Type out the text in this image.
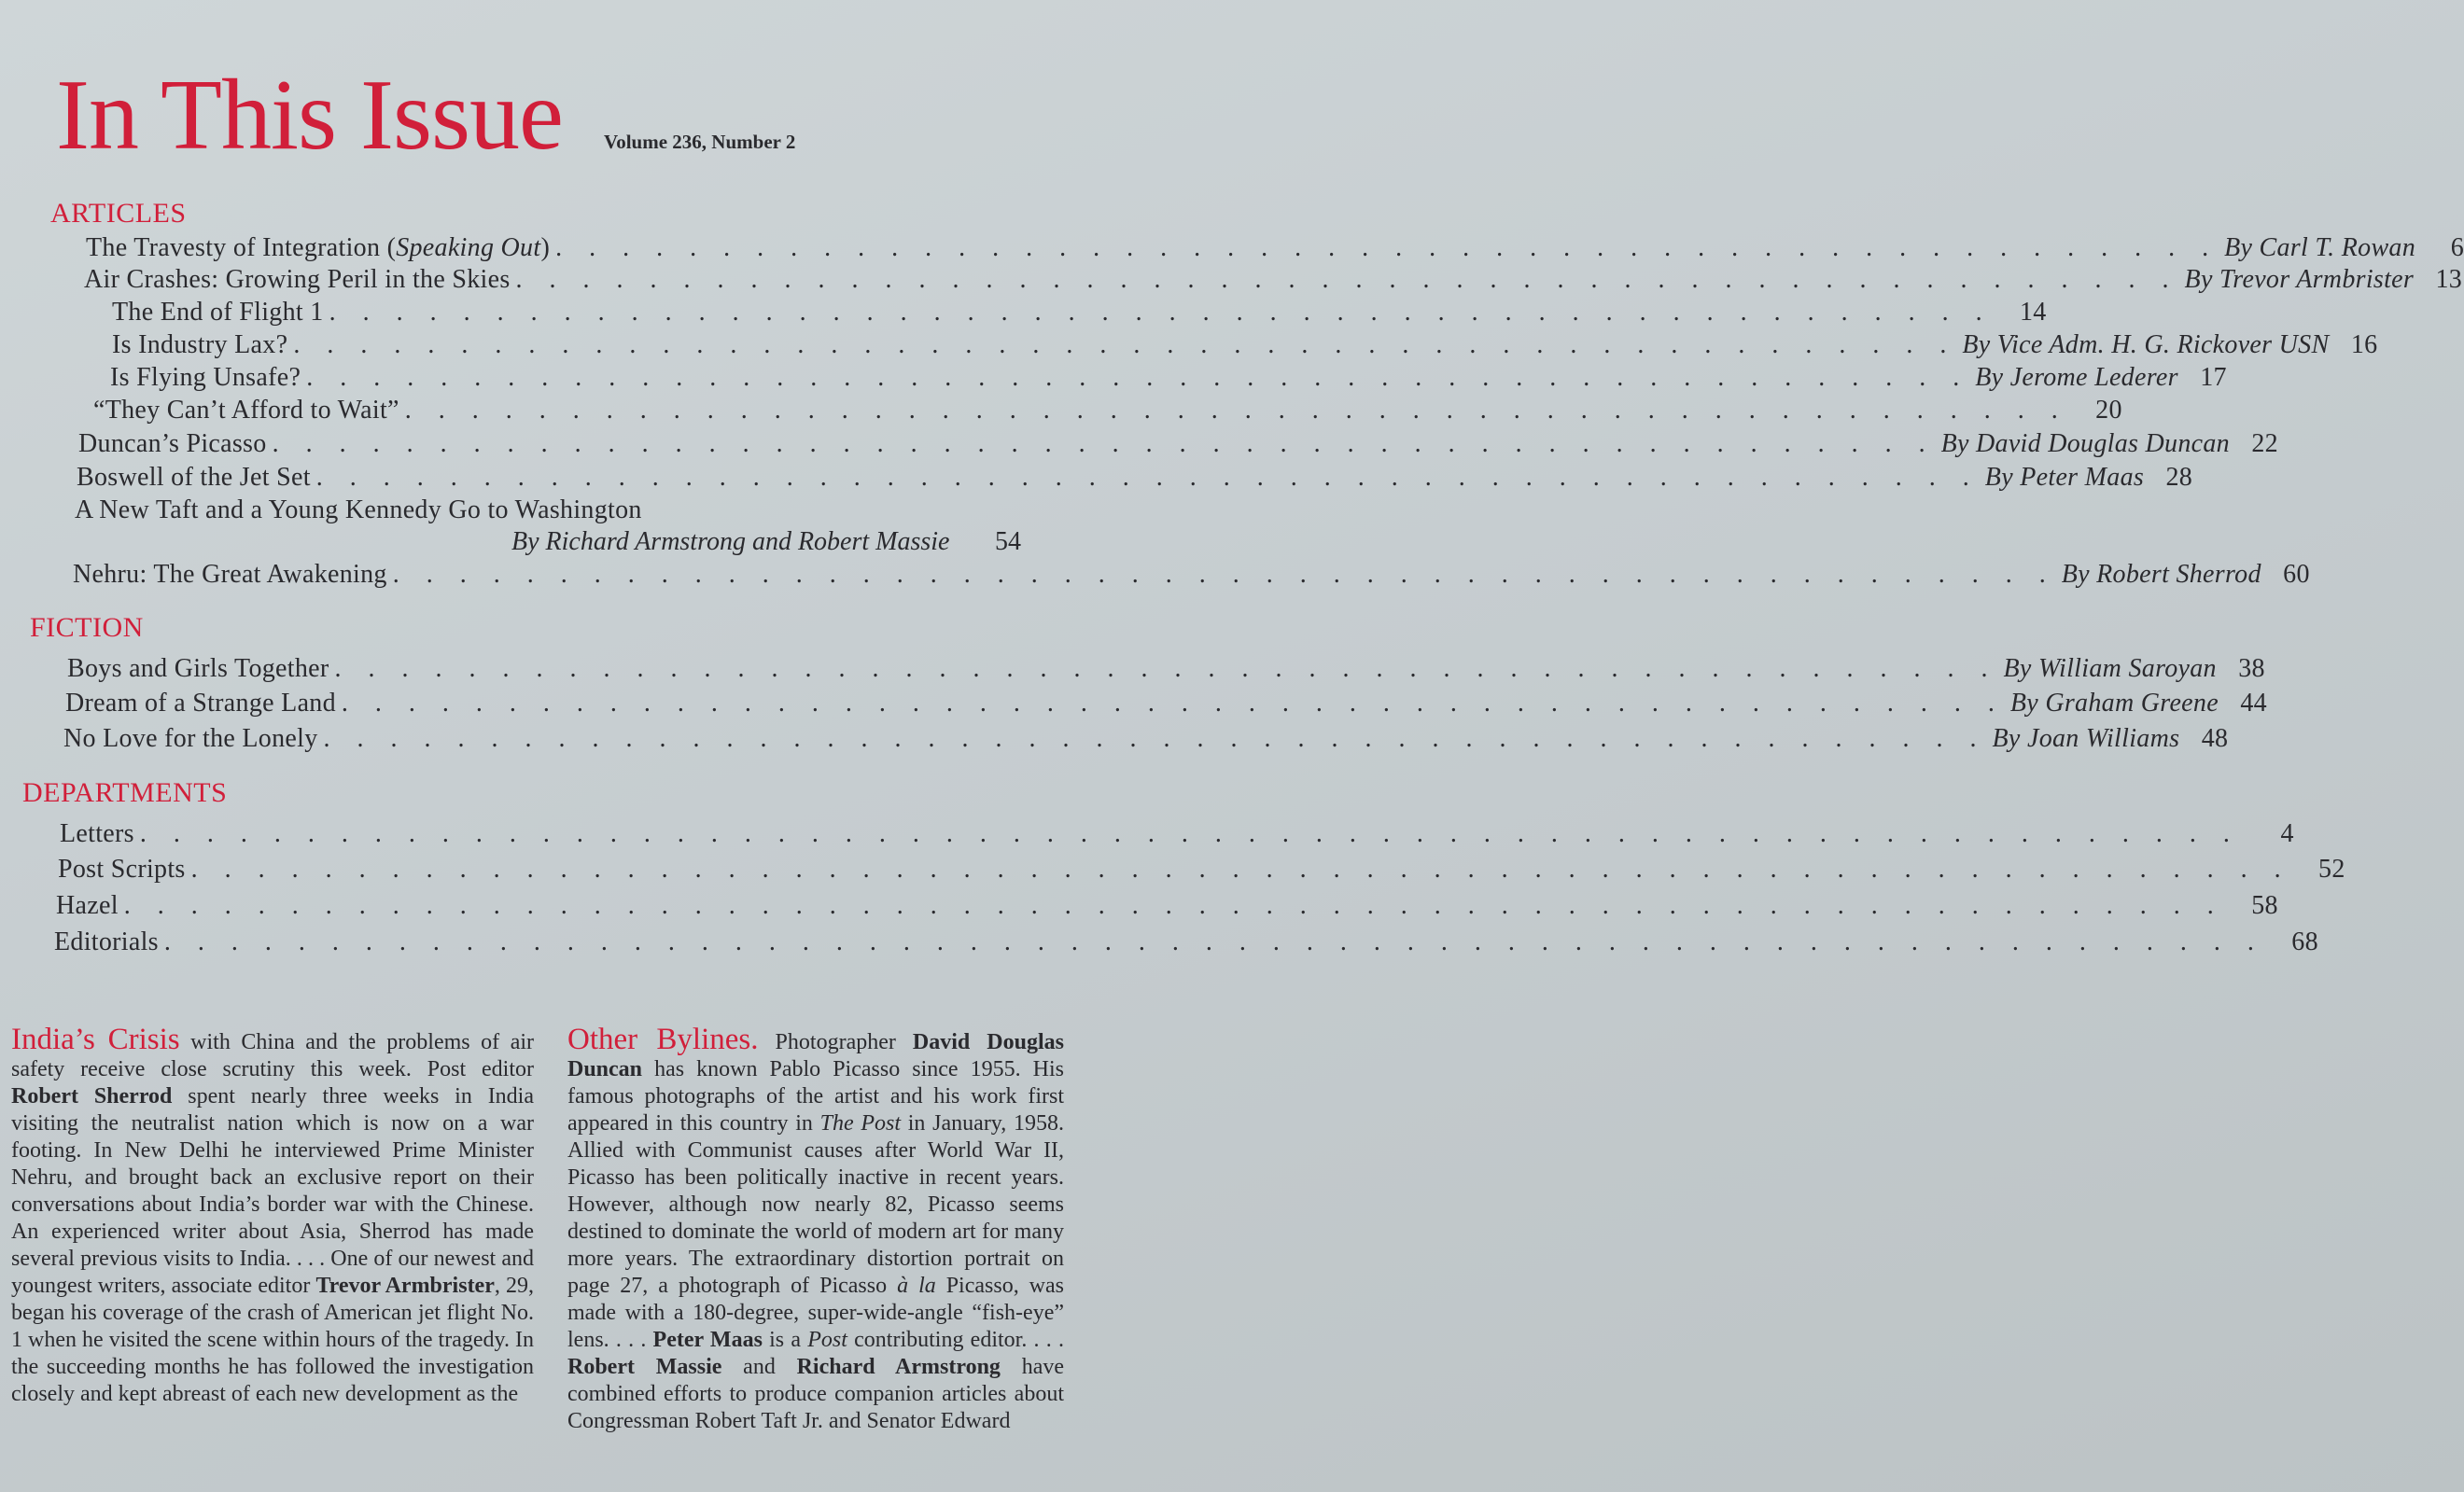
In This Issue Volume 236, Number 2
ARTICLES
The Travesty of Integration (Speaking Out) . . . . . . . . . . . . . . . . . . . . . . . . . . . . . . . . . . . . . . . . . . . . . . . . . . By Carl T. Rowan	6
Air Crashes: Growing Peril in the Skies . . . . . . . . . . . . . . . . . . . . . . . . . . . . . . . . . . . . . . . . . . . . . . . . . . By Trevor Armbrister 13
The End of Flight 1 . . . . . . . . . . . . . . . . . . . . . . . . . . . . . . . . . . . . . . . . . . . . . . . . . .	14
Is Industry Lax? . . . . . . . . . . . . . . . . . . . . . . . . . . . . . . . . . . . . . . . . . . . . . . . . . . By Vice Adm. H. G. Rickover USN 16
Is Flying Unsafe? . . . . . . . . . . . . . . . . . . . . . . . . . . . . . . . . . . . . . . . . . . . . . . . . . . By Jerome Lederer 17
“They Can’t Afford to Wait” . . . . . . . . . . . . . . . . . . . . . . . . . . . . . . . . . . . . . . . . . . . . . . . . . .	20
Duncan’s Picasso . . . . . . . . . . . . . . . . . . . . . . . . . . . . . . . . . . . . . . . . . . . . . . . . . . By David Douglas Duncan 22
Boswell of the Jet Set . . . . . . . . . . . . . . . . . . . . . . . . . . . . . . . . . . . . . . . . . . . . . . . . . . By Peter Maas 28
A New Taft and a Young Kennedy Go to Washington
By Richard Armstrong and Robert Massie 54
Nehru: The Great Awakening . . . . . . . . . . . . . . . . . . . . . . . . . . . . . . . . . . . . . . . . . . . . . . . . . . By Robert Sherrod 60
FICTION
Boys and Girls Together . . . . . . . . . . . . . . . . . . . . . . . . . . . . . . . . . . . . . . . . . . . . . . . . . . By William Saroyan 38
Dream of a Strange Land . . . . . . . . . . . . . . . . . . . . . . . . . . . . . . . . . . . . . . . . . . . . . . . . . . By Graham Greene 44
No Love for the Lonely . . . . . . . . . . . . . . . . . . . . . . . . . . . . . . . . . . . . . . . . . . . . . . . . . . By Joan Williams 48
DEPARTMENTS
Letters . . . . . . . . . . . . . . . . . . . . . . . . . . . . . . . . . . . . . . . . . . . . . . . . . . . . . . . . . . . . . . .	4
Post Scripts . . . . . . . . . . . . . . . . . . . . . . . . . . . . . . . . . . . . . . . . . . . . . . . . . . . . . . . . . . . . . . .	52
Hazel . . . . . . . . . . . . . . . . . . . . . . . . . . . . . . . . . . . . . . . . . . . . . . . . . . . . . . . . . . . . . . .	58
Editorials . . . . . . . . . . . . . . . . . . . . . . . . . . . . . . . . . . . . . . . . . . . . . . . . . . . . . . . . . . . . . . .	68
India’s Crisis with China and the problems of air safety receive close scrutiny this week. Post editor Robert Sherrod spent nearly three weeks in India visiting the neutralist nation which is now on a war footing. In New Delhi he interviewed Prime Minister Nehru, and brought back an exclusive report on their conversations about India’s border war with the Chinese. An experienced writer about Asia, Sherrod has made several previous visits to India. . . . One of our newest and youngest writers, associate editor Trevor Armbrister, 29, began his coverage of the crash of American jet flight No. 1 when he visited the scene within hours of the tragedy. In the succeeding months he has followed the investigation closely and kept abreast of each new development as the
Other Bylines. Photographer David Douglas Duncan has known Pablo Picasso since 1955. His famous photographs of the artist and his work first appeared in this country in The Post in January, 1958. Allied with Communist causes after World War II, Picasso has been politically inactive in recent years. However, although now nearly 82, Picasso seems destined to dominate the world of modern art for many more years. The extraordinary distortion portrait on page 27, a photograph of Picasso à la Picasso, was made with a 180-degree, super-wide-angle “fish-eye” lens. . . . Peter Maas is a Post contributing editor. . . . Robert Massie and Richard Armstrong have combined efforts to produce companion articles about Congressman Robert Taft Jr. and Senator Edward
